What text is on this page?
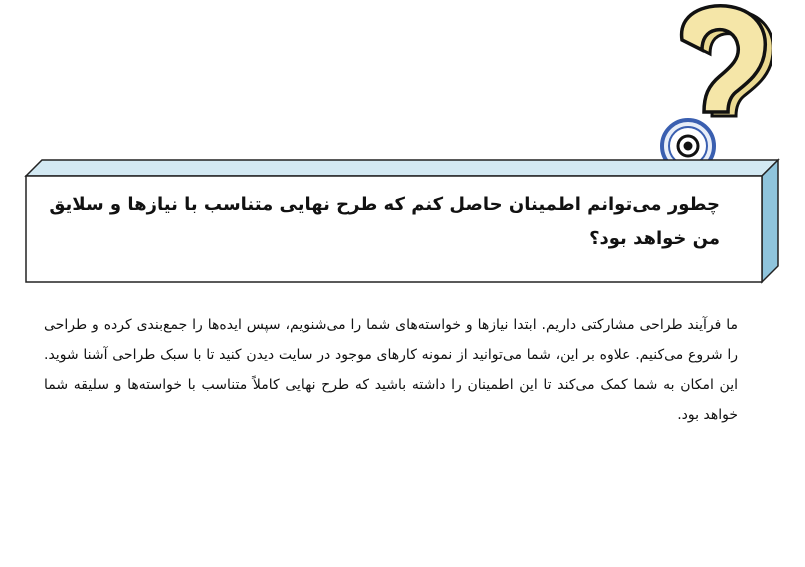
چطور می‌توانم اطمینان حاصل کنم که طرح نهایی متناسب با نیازها و سلایق من خواهد بود؟

ما فرآیند طراحی مشارکتی داریم. ابتدا نیازها و خواسته‌های شما را می‌شنویم، سپس ایده‌ها را جمع‌بندی کرده و طراحی را شروع می‌کنیم. علاوه بر این، شما می‌توانید از نمونه کارهای موجود در سایت دیدن کنید تا با سبک طراحی آشنا شوید. این امکان به شما کمک می‌کند تا این اطمینان را داشته باشید که طرح نهایی کاملاً متناسب با خواسته‌ها و سلیقه شما خواهد بود.
